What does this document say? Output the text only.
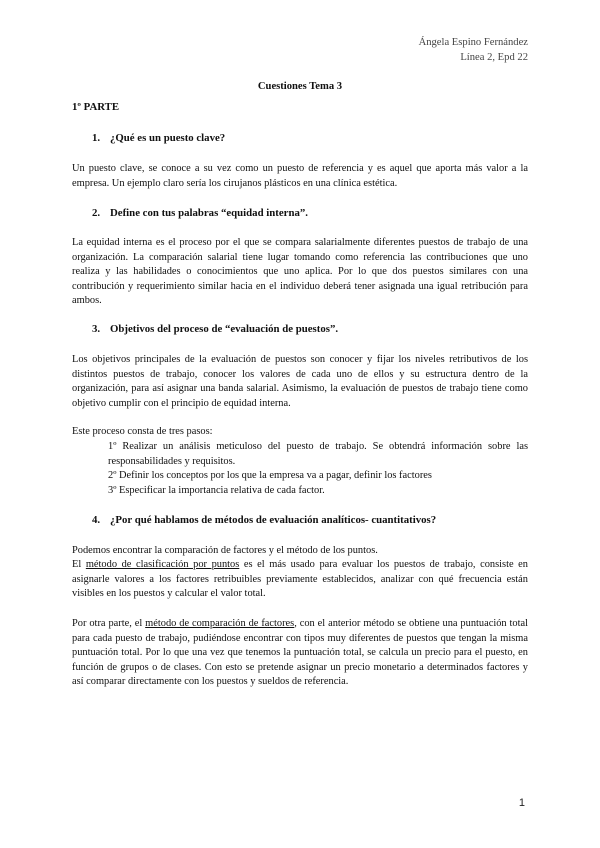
Ángela Espino Fernández
Línea 2, Epd 22
Cuestiones Tema 3
1º PARTE
1. ¿Qué es un puesto clave?
Un puesto clave, se conoce a su vez como un puesto de referencia y es aquel que aporta más valor a la empresa. Un ejemplo claro sería los cirujanos plásticos en una clínica estética.
2. Define con tus palabras “equidad interna”.
La equidad interna es el proceso por el que se compara salarialmente diferentes puestos de trabajo de una organización. La comparación salarial tiene lugar tomando como referencia las contribuciones que uno realiza y las habilidades o conocimientos que uno aplica. Por lo que dos puestos similares con una contribución y requerimiento similar hacia en el individuo deberá tener asignada una igual retribución para ambos.
3. Objetivos del proceso de “evaluación de puestos”.
Los objetivos principales de la evaluación de puestos son conocer y fijar los niveles retributivos de los distintos puestos de trabajo, conocer los valores de cada uno de ellos y su estructura dentro de la organización, para así asignar una banda salarial. Asimismo, la evaluación de puestos de trabajo tiene como objetivo cumplir con el principio de equidad interna.
Este proceso consta de tres pasos:
1º Realizar un análisis meticuloso del puesto de trabajo. Se obtendrá información sobre las responsabilidades y requisitos.
2º Definir los conceptos por los que la empresa va a pagar, definir los factores
3º Especificar la importancia relativa de cada factor.
4. ¿Por qué hablamos de métodos de evaluación analíticos- cuantitativos?
Podemos encontrar la comparación de factores y el método de los puntos.
El método de clasificación por puntos es el más usado para evaluar los puestos de trabajo, consiste en asignarle valores a los factores retribuibles previamente establecidos, analizar con qué frecuencia están visibles en los puestos y calcular el valor total.
Por otra parte, el método de comparación de factores, con el anterior método se obtiene una puntuación total para cada puesto de trabajo, pudiéndose encontrar con tipos muy diferentes de puestos que tengan la misma puntuación total. Por lo que una vez que tenemos la puntuación total, se calcula un precio para el puesto, en función de grupos o de clases. Con esto se pretende asignar un precio monetario a determinados factores y así comparar directamente con los puestos y sueldos de referencia.
1
